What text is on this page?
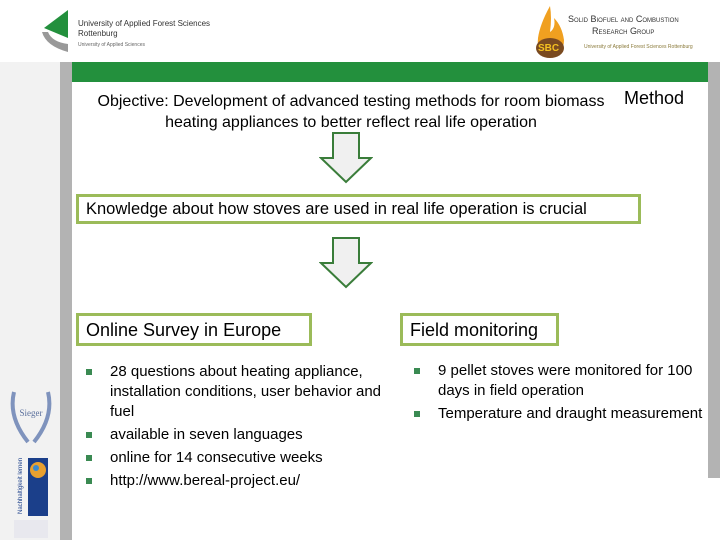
University of Applied Forest Sciences
Rottenburg
University of Applied Sciences	SBC
Solid Biofuel and Combustion
Research Group
University of Applied Forest Sciences Rottenburg
Objective: Development of advanced testing methods for room biomass heating appliances to better reflect real life operation
Method
Knowledge about how stoves are used in real life operation is crucial
Online Survey in Europe	Field monitoring
28 questions about heating appliance, installation conditions, user behavior and fuel
available in seven languages
online for 14 consecutive weeks
http://www.bereal-project.eu/
9 pellet stoves were monitored for 100 days in field operation
Temperature and draught measurement
Sieger
Nachhaltigkeit lernen
